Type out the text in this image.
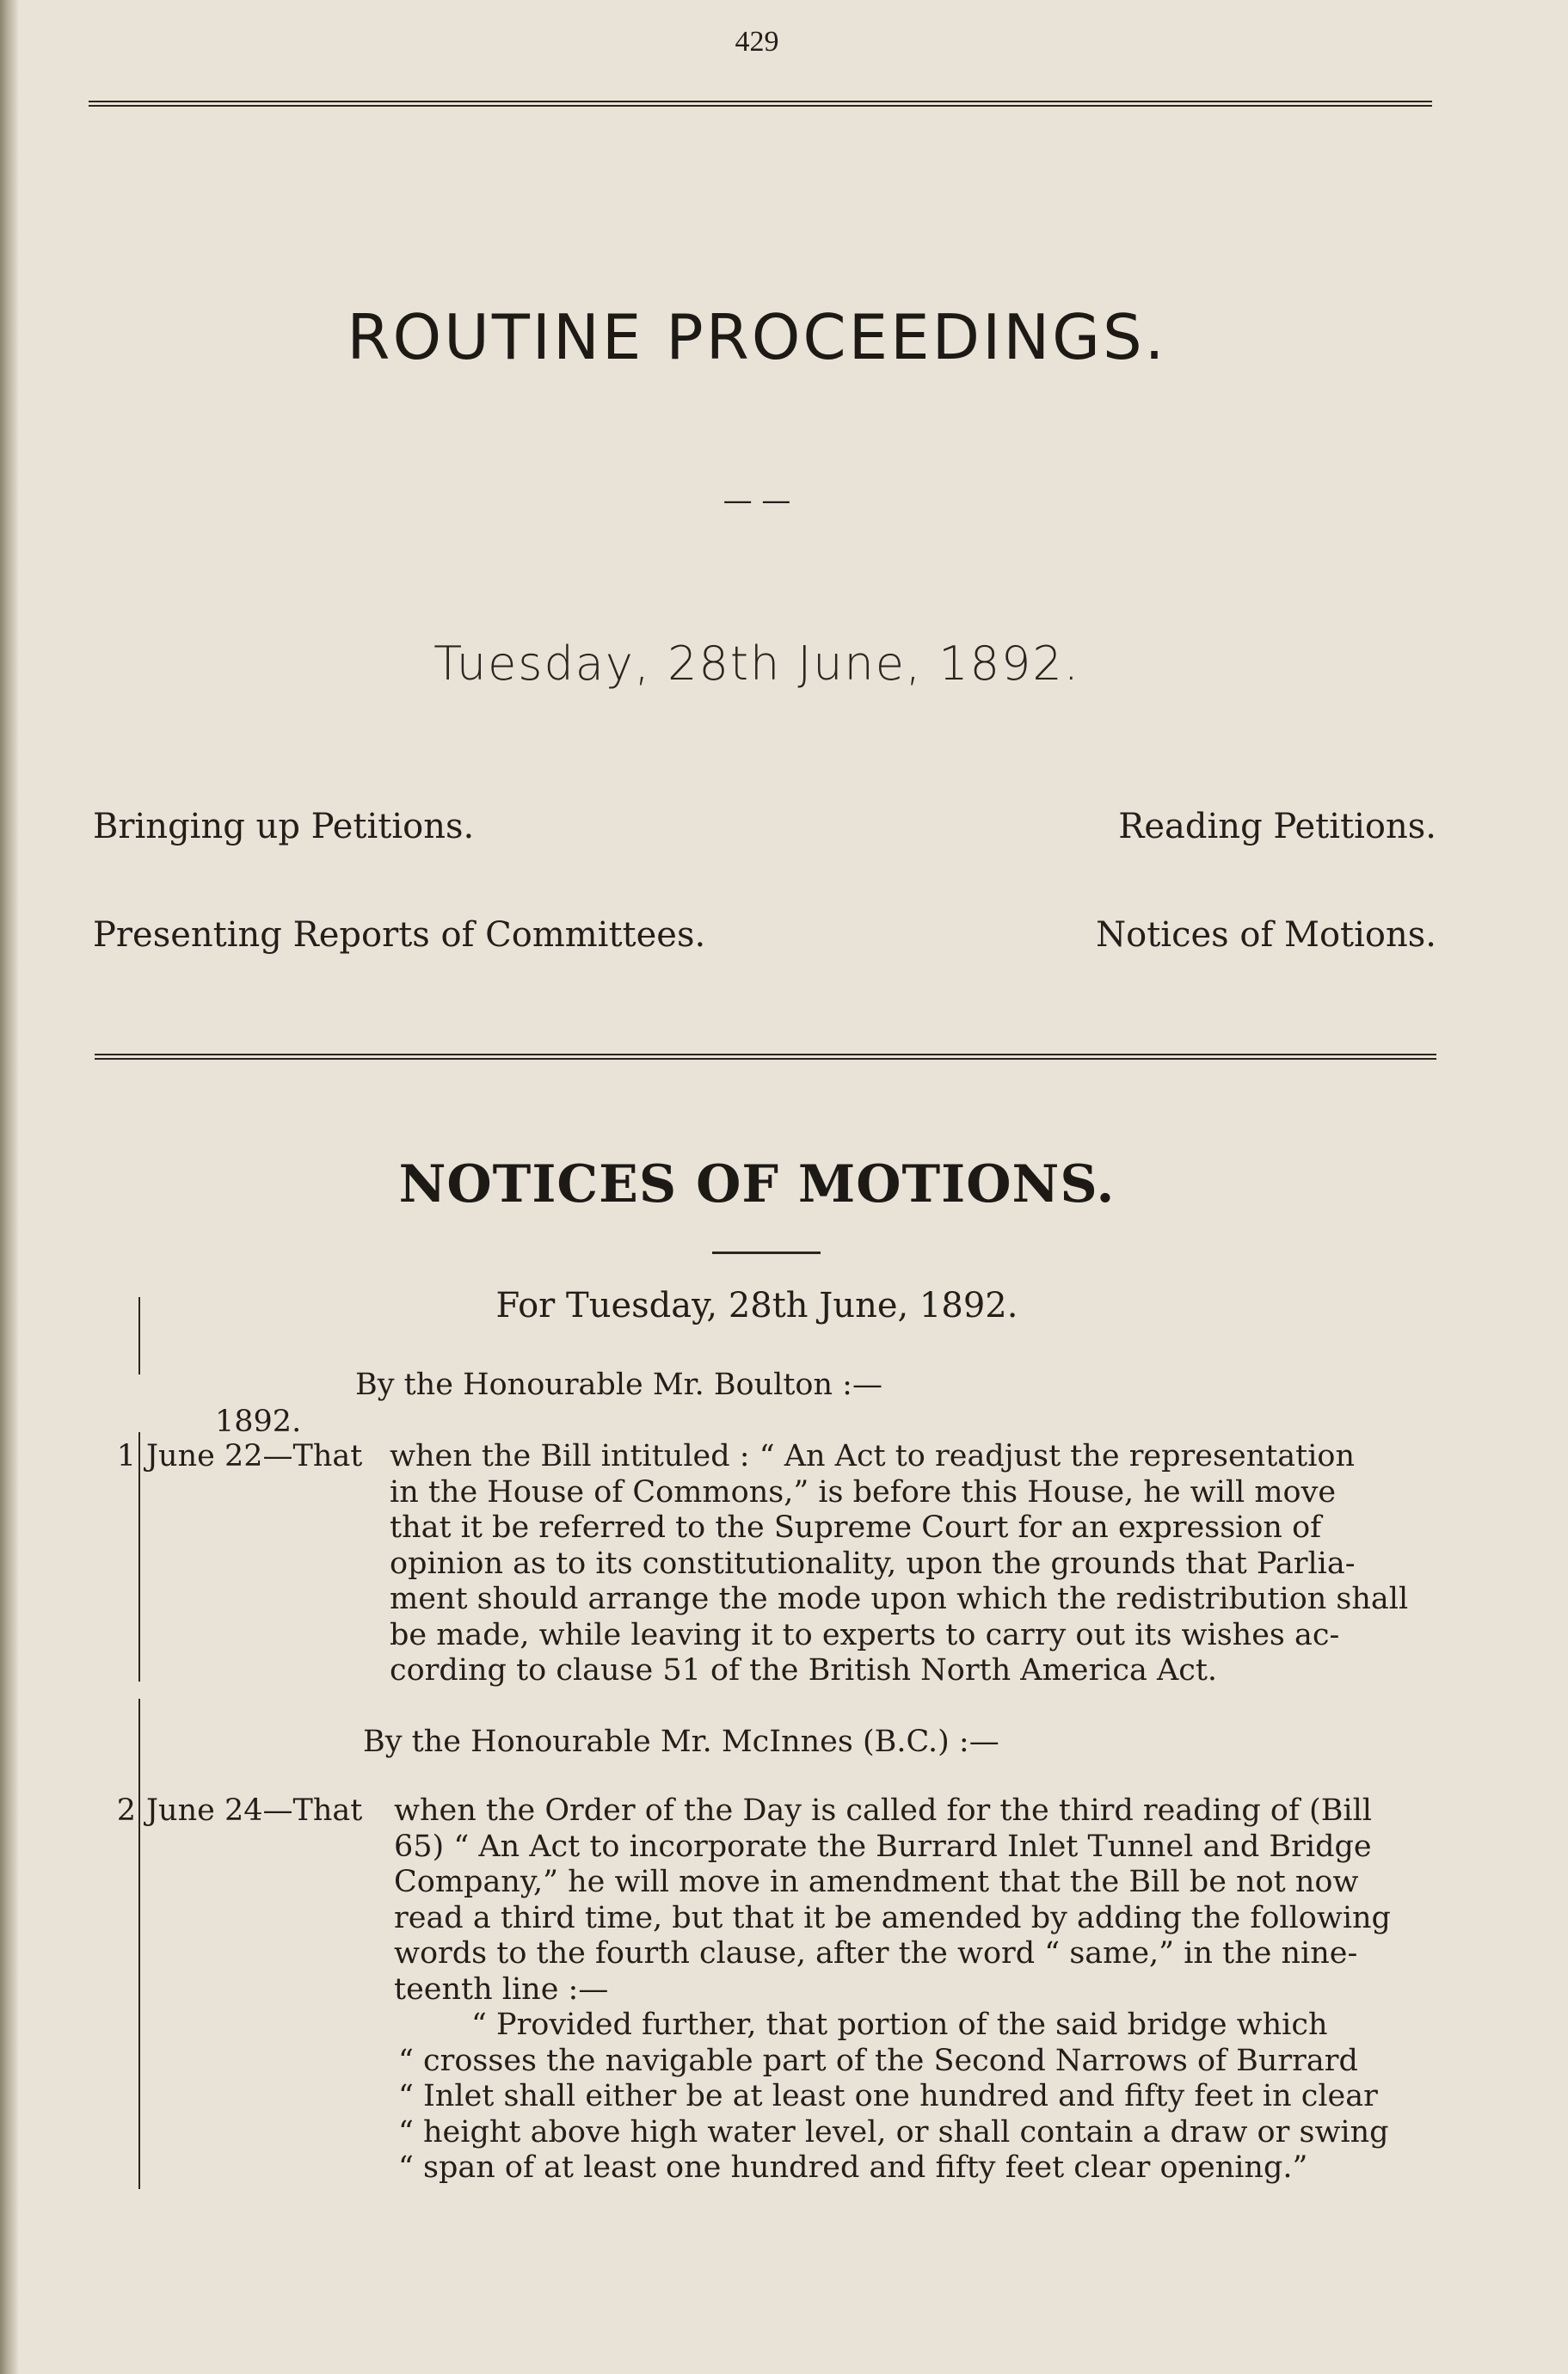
429
ROUTINE PROCEEDINGS.
— —
Tuesday, 28th June, 1892.
Bringing up Petitions.	Reading Petitions.
Presenting Reports of Committees.	Notices of Motions.
NOTICES OF MOTIONS.
For Tuesday, 28th June, 1892.
By the Honourable Mr. Boulton :—
1892.
1 June 22—That when the Bill intituled : “ An Act to readjust the representation
in the House of Commons,” is before this House, he will move
that it be referred to the Supreme Court for an expression of
opinion as to its constitutionality, upon the grounds that Parlia-
ment should arrange the mode upon which the redistribution shall
be made, while leaving it to experts to carry out its wishes ac-
cording to clause 51 of the British North America Act.
By the Honourable Mr. McInnes (B.C.) :—
2 June 24—That when the Order of the Day is called for the third reading of (Bill
65) “ An Act to incorporate the Burrard Inlet Tunnel and Bridge
Company,” he will move in amendment that the Bill be not now
read a third time, but that it be amended by adding the following
words to the fourth clause, after the word “ same,” in the nine-
teenth line :—
“ Provided further, that portion of the said bridge which
“ crosses the navigable part of the Second Narrows of Burrard
“ Inlet shall either be at least one hundred and fifty feet in clear
“ height above high water level, or shall contain a draw or swing
“ span of at least one hundred and fifty feet clear opening.”
